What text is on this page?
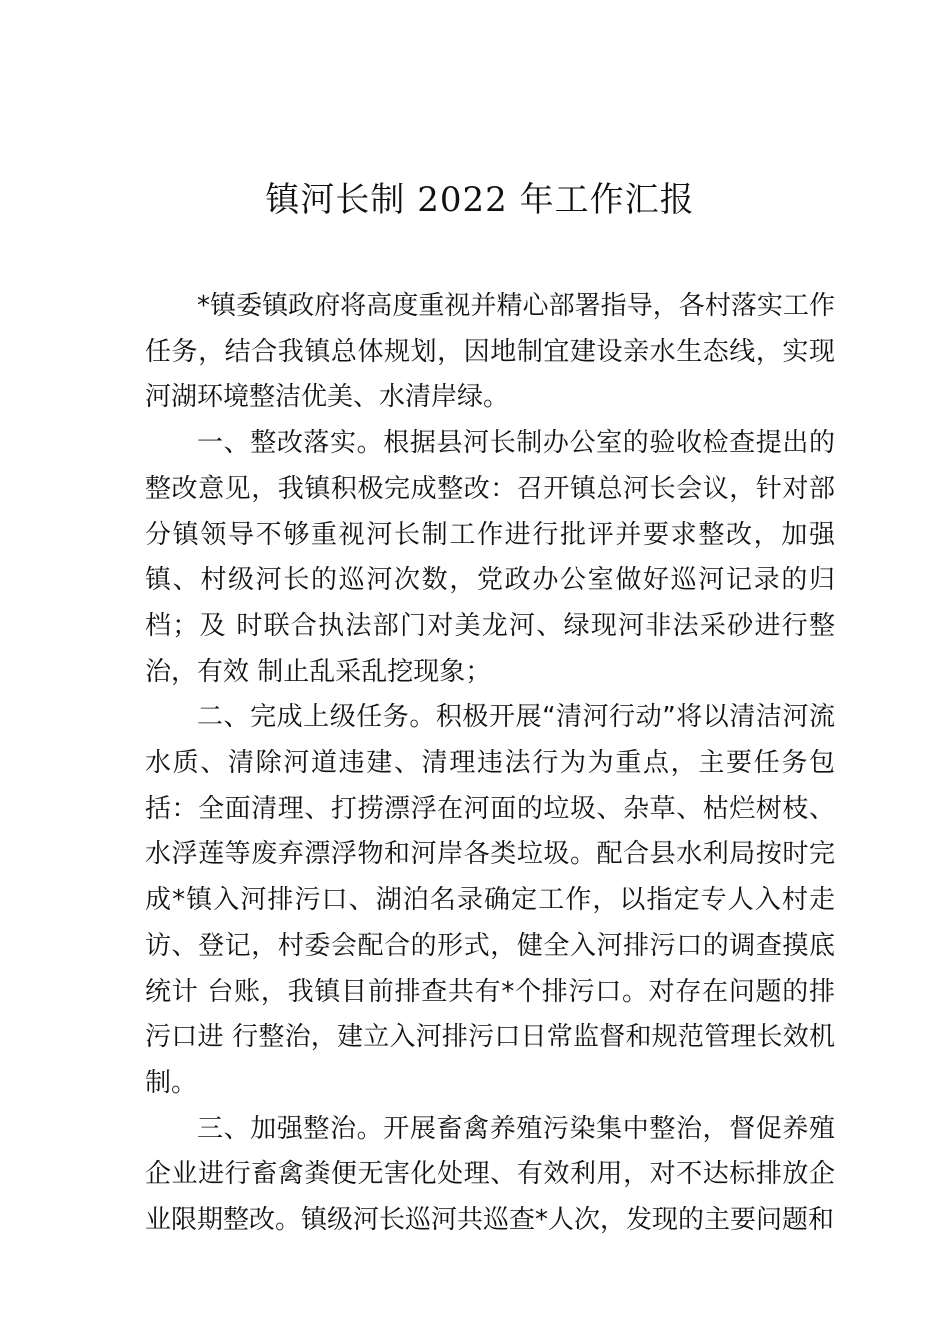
镇河长制 2022 年工作汇报

*镇委镇政府将高度重视并精心部署指导，各村落实工作任务，结合我镇总体规划，因地制宜建设亲水生态线，实现河湖环境整洁优美、水清岸绿。

一、整改落实。根据县河长制办公室的验收检查提出的整改意见，我镇积极完成整改：召开镇总河长会议，针对部 分镇领导不够重视河长制工作进行批评并要求整改，加强镇、村级河长的巡河次数，党政办公室做好巡河记录的归档；及 时联合执法部门对美龙河、绿现河非法采砂进行整治，有效 制止乱采乱挖现象；

二、完成上级任务。积极开展“清河行动”将以清洁河流水质、清除河道违建、清理违法行为为重点，主要任务包括：全面清理、打捞漂浮在河面的垃圾、杂草、枯烂树枝、水浮莲等废弃漂浮物和河岸各类垃圾。配合县水利局按时完 成*镇入河排污口、湖泊名录确定工作，以指定专人入村走访、登记，村委会配合的形式，健全入河排污口的调查摸底统计 台账，我镇目前排查共有*个排污口。对存在问题的排污口进 行整治，建立入河排污口日常监督和规范管理长效机制。

三、加强整治。开展畜禽养殖污染集中整治，督促养殖企业进行畜禽粪便无害化处理、有效利用，对不达标排放企业限期整改。镇级河长巡河共巡查*人次，发现的主要问题和
